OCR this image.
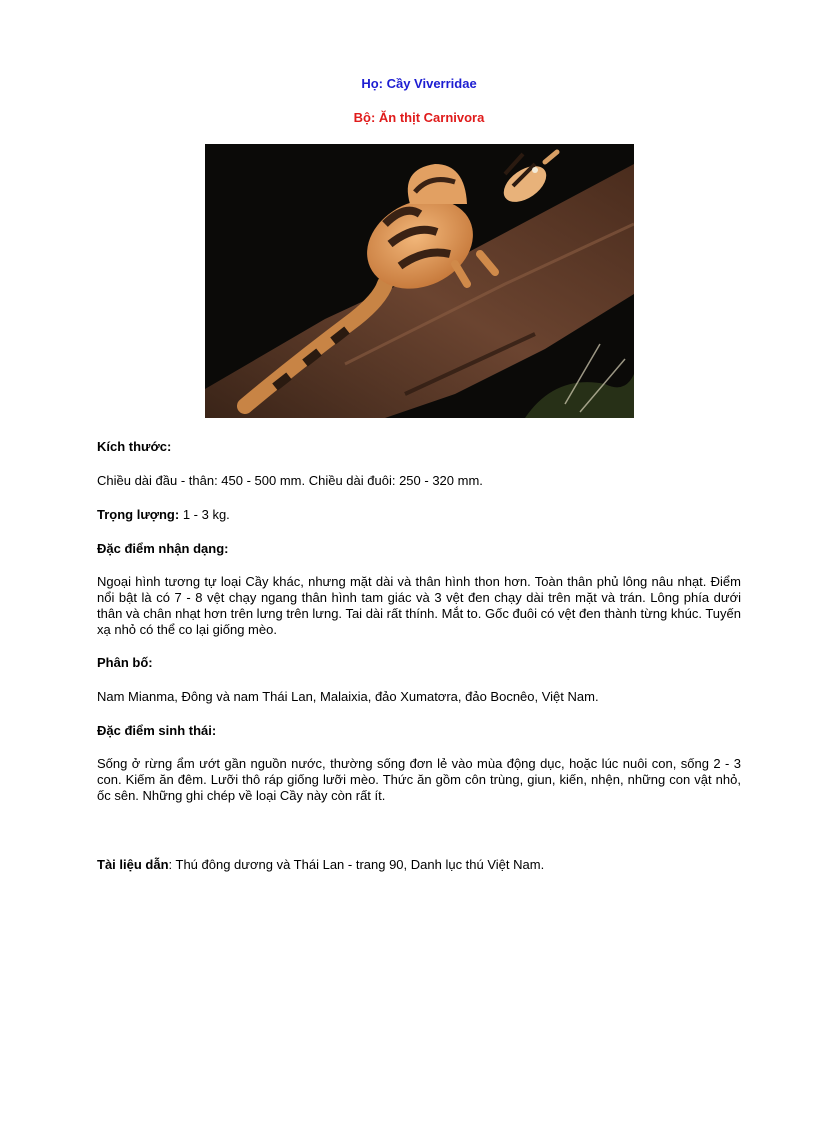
Họ: Cầy Viverridae

Bộ: Ăn thịt Carnivora

Kích thước:

Chiều dài đầu - thân: 450 - 500 mm. Chiều dài đuôi: 250 - 320 mm.

Trọng lượng: 1 - 3 kg.

Đặc điểm nhận dạng:

Ngoại hình tương tự loại Cầy khác, nhưng mặt dài và thân hình thon hơn. Toàn thân phủ lông nâu nhạt. Điểm nổi bật là có 7 - 8 vệt chạy ngang thân hình tam giác và 3 vệt đen chạy dài trên mặt và trán. Lông phía dưới thân và chân nhạt hơn trên lưng trên lưng. Tai dài rất thính. Mắt to. Gốc đuôi có vệt đen thành từng khúc. Tuyến xạ nhỏ có thể co lại giống mèo.

Phân bố:

Nam Mianma, Đông và nam Thái Lan, Malaixia, đảo Xumatơra, đảo Bocnêo, Việt Nam.

Đặc điểm sinh thái:

Sống ở rừng ẩm ướt gần nguồn nước, thường sống đơn lẻ vào mùa động dục, hoặc lúc nuôi con, sống 2 - 3 con. Kiếm ăn đêm. Lưỡi thô ráp giống lưỡi mèo. Thức ăn gồm côn trùng, giun, kiến, nhện, những con vật nhỏ, ốc sên. Những ghi chép về loại Cầy này còn rất ít.

Tài liệu dẫn: Thú đông dương và Thái Lan - trang 90, Danh lục thú Việt Nam.
